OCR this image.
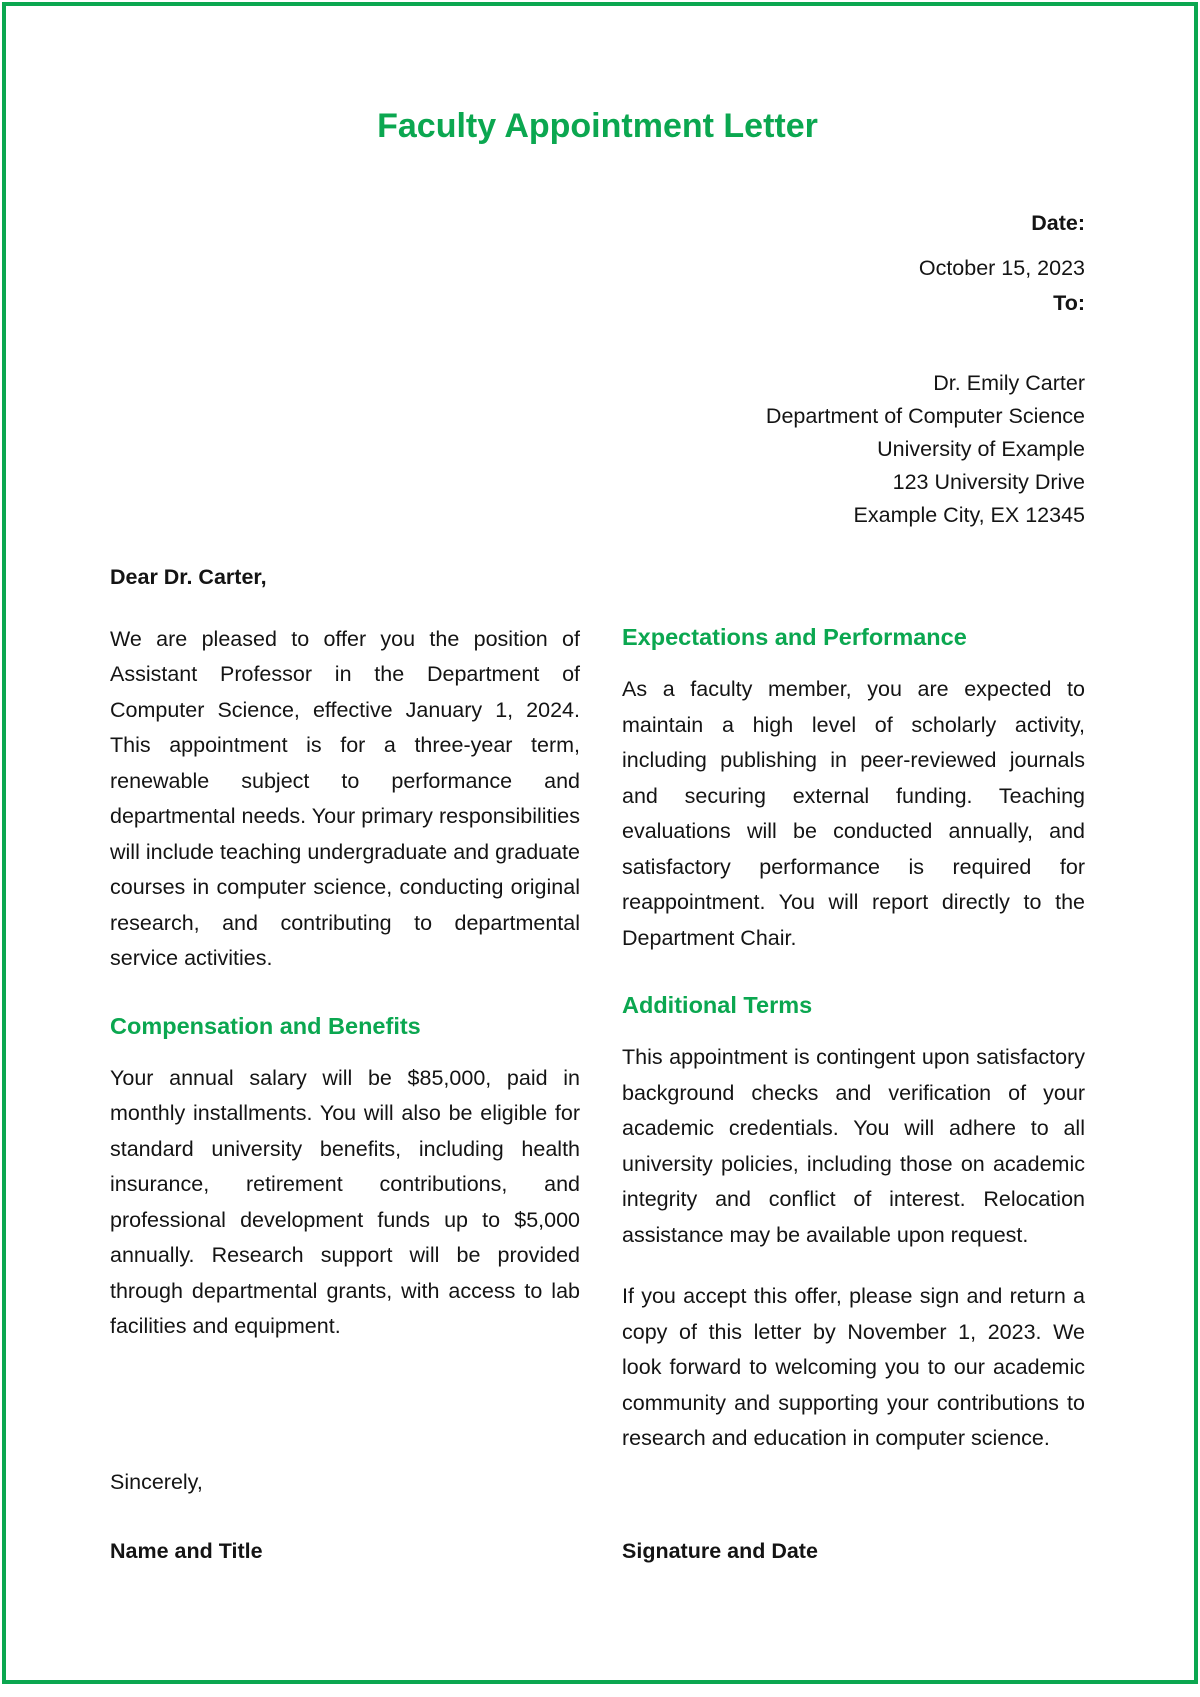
Faculty Appointment Letter
Date:
October 15, 2023
To:
Dr. Emily Carter
Department of Computer Science
University of Example
123 University Drive
Example City, EX 12345

Dear Dr. Carter,

We are pleased to offer you the position of Assistant Professor in the Department of Computer Science, effective January 1, 2024. This appointment is for a three-year term, renewable subject to performance and departmental needs. Your primary responsibilities will include teaching undergraduate and graduate courses in computer science, conducting original research, and contributing to departmental service activities.

Compensation and Benefits

Your annual salary will be $85,000, paid in monthly installments. You will also be eligible for standard university benefits, including health insurance, retirement contributions, and professional development funds up to $5,000 annually. Research support will be provided through departmental grants, with access to lab facilities and equipment.

Expectations and Performance

As a faculty member, you are expected to maintain a high level of scholarly activity, including publishing in peer-reviewed journals and securing external funding. Teaching evaluations will be conducted annually, and satisfactory performance is required for reappointment. You will report directly to the Department Chair.

Additional Terms

This appointment is contingent upon satisfactory background checks and verification of your academic credentials. You will adhere to all university policies, including those on academic integrity and conflict of interest. Relocation assistance may be available upon request.

If you accept this offer, please sign and return a copy of this letter by November 1, 2023. We look forward to welcoming you to our academic community and supporting your contributions to research and education in computer science.

Sincerely,

Name and Title	Signature and Date
